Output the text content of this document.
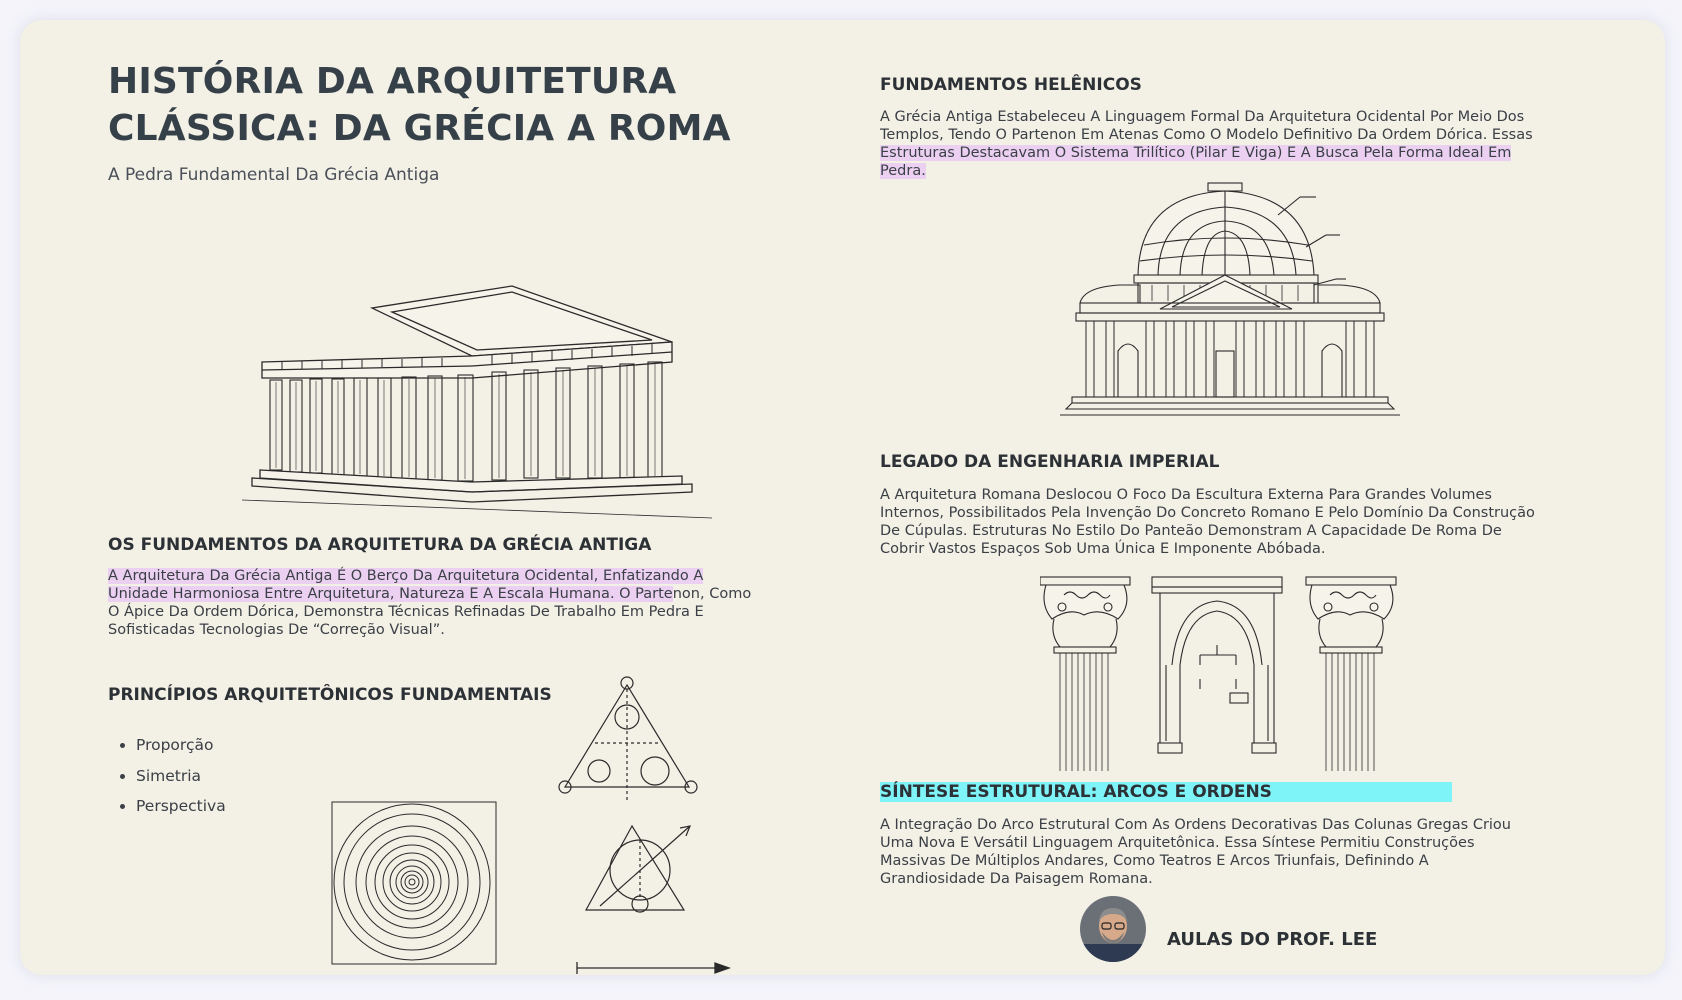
HISTÓRIA DA ARQUITETURA
CLÁSSICA: DA GRÉCIA A ROMA
A Pedra Fundamental Da Grécia Antiga
OS FUNDAMENTOS DA ARQUITETURA DA GRÉCIA ANTIGA

A Arquitetura Da Grécia Antiga É O Berço Da Arquitetura Ocidental, Enfatizando A Unidade Harmoniosa Entre Arquitetura, Natureza E A Escala Humana. O Partenon, Como O Ápice Da Ordem Dórica, Demonstra Técnicas Refinadas De Trabalho Em Pedra E Sofisticadas Tecnologias De “Correção Visual”.

PRINCÍPIOS ARQUITETÔNICOS FUNDAMENTAIS
• Proporção
• Simetria
• Perspectiva
FUNDAMENTOS HELÊNICOS

A Grécia Antiga Estabeleceu A Linguagem Formal Da Arquitetura Ocidental Por Meio Dos Templos, Tendo O Partenon Em Atenas Como O Modelo Definitivo Da Ordem Dórica. Essas Estruturas Destacavam O Sistema Trilítico (Pilar E Viga) E A Busca Pela Forma Ideal Em Pedra.

LEGADO DA ENGENHARIA IMPERIAL

A Arquitetura Romana Deslocou O Foco Da Escultura Externa Para Grandes Volumes Internos, Possibilitados Pela Invenção Do Concreto Romano E Pelo Domínio Da Construção De Cúpulas. Estruturas No Estilo Do Panteão Demonstram A Capacidade De Roma De Cobrir Vastos Espaços Sob Uma Única E Imponente Abóbada.

SÍNTESE ESTRUTURAL: ARCOS E ORDENS

A Integração Do Arco Estrutural Com As Ordens Decorativas Das Colunas Gregas Criou Uma Nova E Versátil Linguagem Arquitetônica. Essa Síntese Permitiu Construções Massivas De Múltiplos Andares, Como Teatros E Arcos Triunfais, Definindo A Grandiosidade Da Paisagem Romana.

AULAS DO PROF. LEE
